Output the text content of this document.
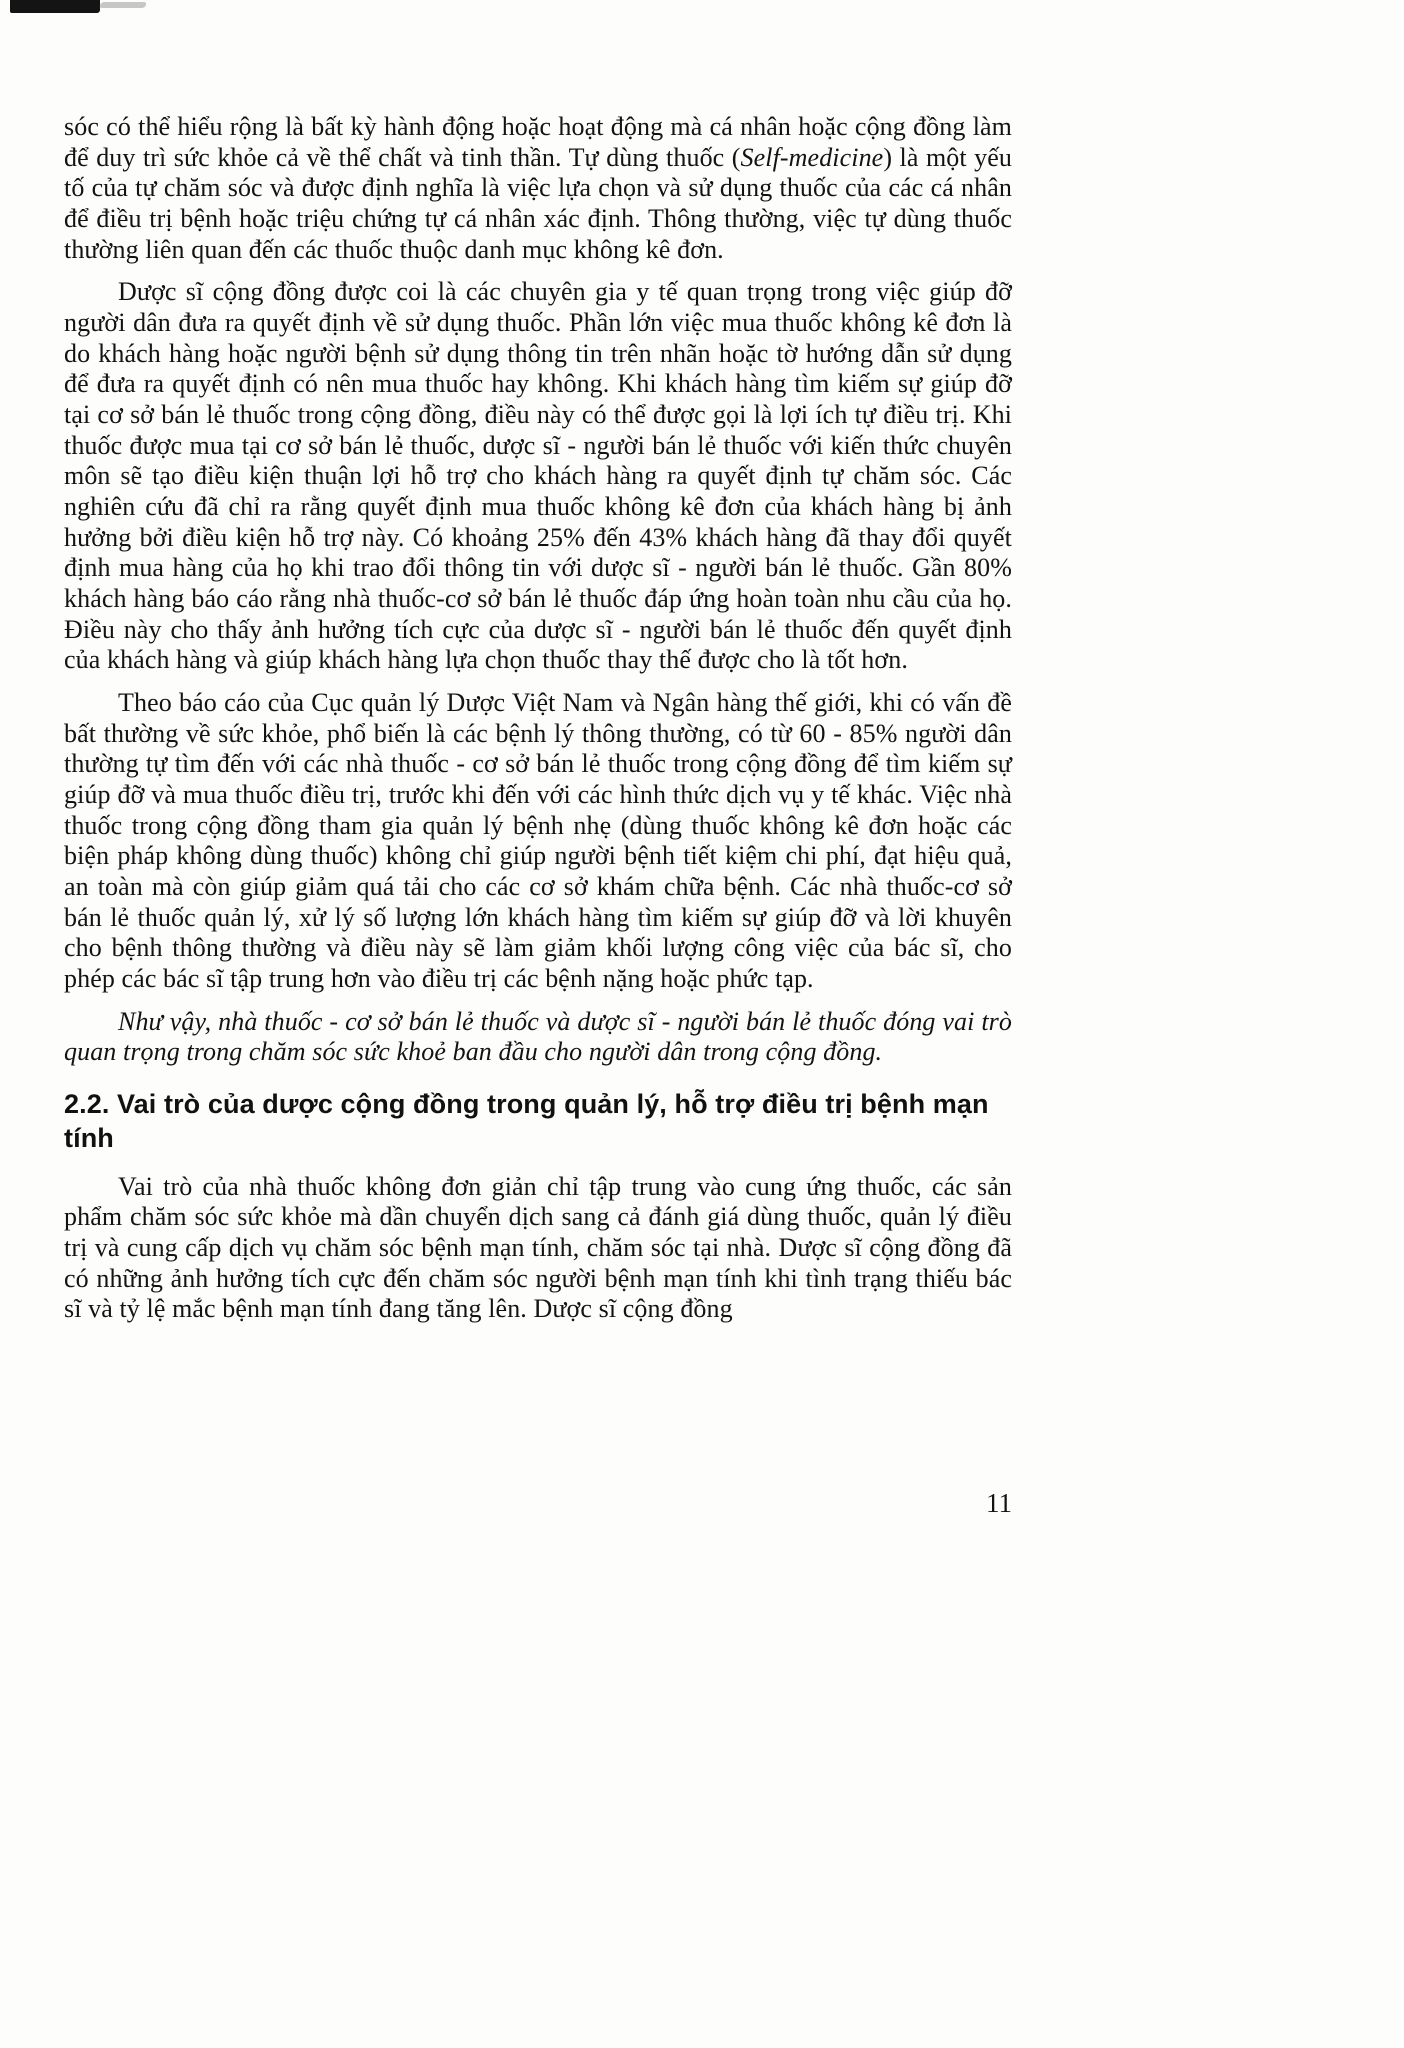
sóc có thể hiểu rộng là bất kỳ hành động hoặc hoạt động mà cá nhân hoặc cộng đồng làm để duy trì sức khỏe cả về thể chất và tinh thần. Tự dùng thuốc (Self-medicine) là một yếu tố của tự chăm sóc và được định nghĩa là việc lựa chọn và sử dụng thuốc của các cá nhân để điều trị bệnh hoặc triệu chứng tự cá nhân xác định. Thông thường, việc tự dùng thuốc thường liên quan đến các thuốc thuộc danh mục không kê đơn.

Dược sĩ cộng đồng được coi là các chuyên gia y tế quan trọng trong việc giúp đỡ người dân đưa ra quyết định về sử dụng thuốc. Phần lớn việc mua thuốc không kê đơn là do khách hàng hoặc người bệnh sử dụng thông tin trên nhãn hoặc tờ hướng dẫn sử dụng để đưa ra quyết định có nên mua thuốc hay không. Khi khách hàng tìm kiếm sự giúp đỡ tại cơ sở bán lẻ thuốc trong cộng đồng, điều này có thể được gọi là lợi ích tự điều trị. Khi thuốc được mua tại cơ sở bán lẻ thuốc, dược sĩ - người bán lẻ thuốc với kiến thức chuyên môn sẽ tạo điều kiện thuận lợi hỗ trợ cho khách hàng ra quyết định tự chăm sóc. Các nghiên cứu đã chỉ ra rằng quyết định mua thuốc không kê đơn của khách hàng bị ảnh hưởng bởi điều kiện hỗ trợ này. Có khoảng 25% đến 43% khách hàng đã thay đổi quyết định mua hàng của họ khi trao đổi thông tin với dược sĩ - người bán lẻ thuốc. Gần 80% khách hàng báo cáo rằng nhà thuốc-cơ sở bán lẻ thuốc đáp ứng hoàn toàn nhu cầu của họ. Điều này cho thấy ảnh hưởng tích cực của dược sĩ - người bán lẻ thuốc đến quyết định của khách hàng và giúp khách hàng lựa chọn thuốc thay thế được cho là tốt hơn.

Theo báo cáo của Cục quản lý Dược Việt Nam và Ngân hàng thế giới, khi có vấn đề bất thường về sức khỏe, phổ biến là các bệnh lý thông thường, có từ 60 - 85% người dân thường tự tìm đến với các nhà thuốc - cơ sở bán lẻ thuốc trong cộng đồng để tìm kiếm sự giúp đỡ và mua thuốc điều trị, trước khi đến với các hình thức dịch vụ y tế khác. Việc nhà thuốc trong cộng đồng tham gia quản lý bệnh nhẹ (dùng thuốc không kê đơn hoặc các biện pháp không dùng thuốc) không chỉ giúp người bệnh tiết kiệm chi phí, đạt hiệu quả, an toàn mà còn giúp giảm quá tải cho các cơ sở khám chữa bệnh. Các nhà thuốc-cơ sở bán lẻ thuốc quản lý, xử lý số lượng lớn khách hàng tìm kiếm sự giúp đỡ và lời khuyên cho bệnh thông thường và điều này sẽ làm giảm khối lượng công việc của bác sĩ, cho phép các bác sĩ tập trung hơn vào điều trị các bệnh nặng hoặc phức tạp.

Như vậy, nhà thuốc - cơ sở bán lẻ thuốc và dược sĩ - người bán lẻ thuốc đóng vai trò quan trọng trong chăm sóc sức khoẻ ban đầu cho người dân trong cộng đồng.

2.2. Vai trò của dược cộng đồng trong quản lý, hỗ trợ điều trị bệnh mạn tính

Vai trò của nhà thuốc không đơn giản chỉ tập trung vào cung ứng thuốc, các sản phẩm chăm sóc sức khỏe mà dần chuyển dịch sang cả đánh giá dùng thuốc, quản lý điều trị và cung cấp dịch vụ chăm sóc bệnh mạn tính, chăm sóc tại nhà. Dược sĩ cộng đồng đã có những ảnh hưởng tích cực đến chăm sóc người bệnh mạn tính khi tình trạng thiếu bác sĩ và tỷ lệ mắc bệnh mạn tính đang tăng lên. Dược sĩ cộng đồng

11
